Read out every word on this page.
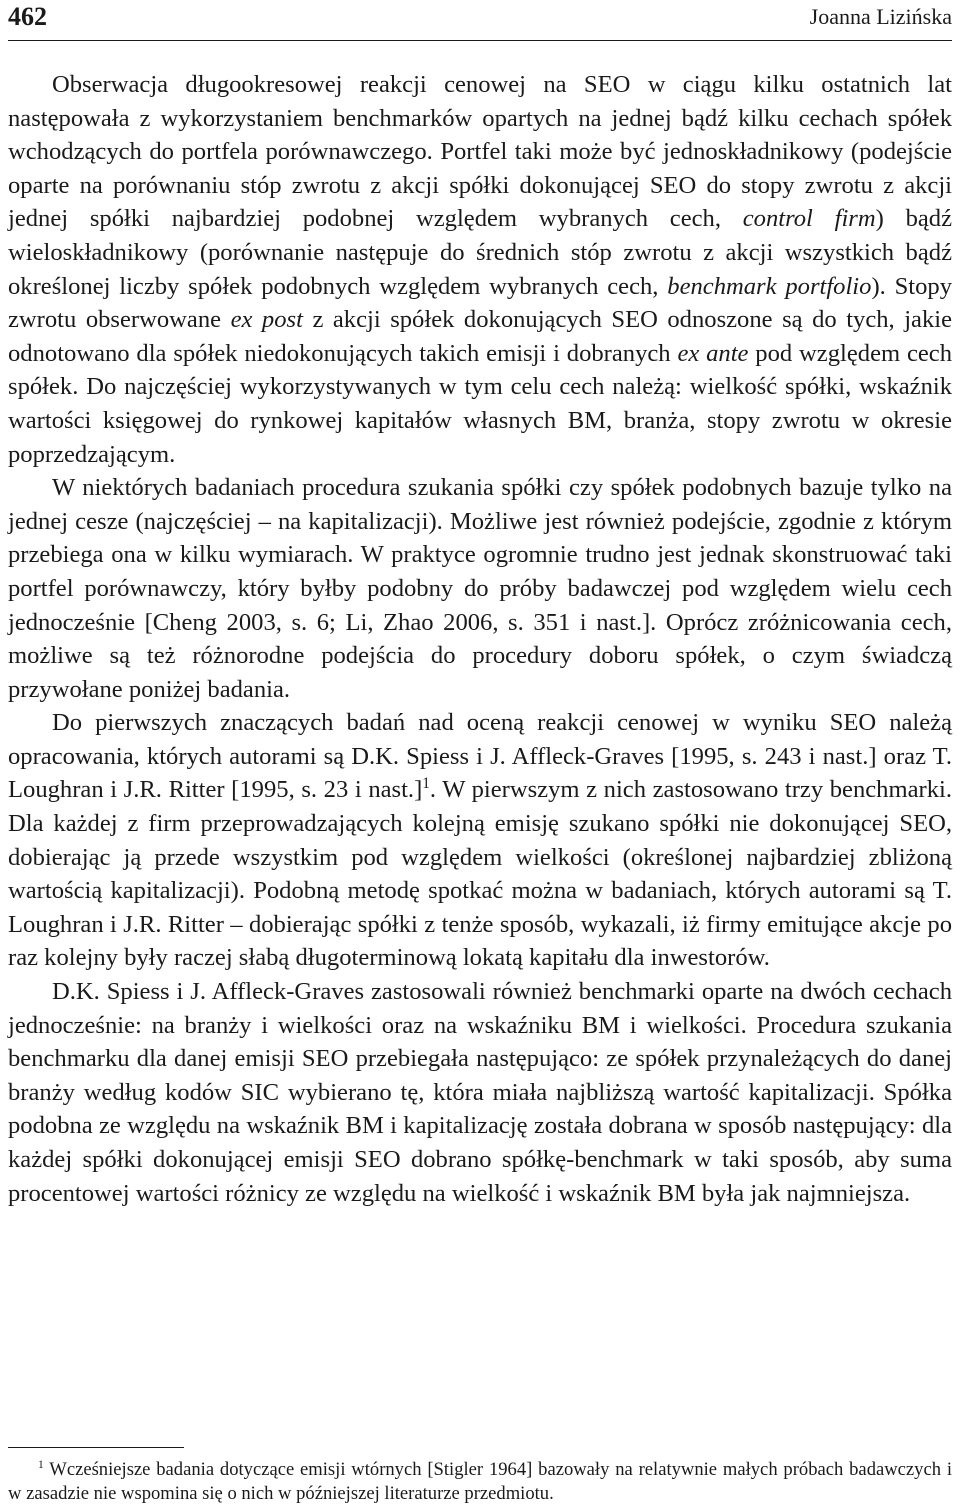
462	Joanna Lizińska

Obserwacja długookresowej reakcji cenowej na SEO w ciągu kilku ostatnich lat następowała z wykorzystaniem benchmarków opartych na jednej bądź kilku cechach spółek wchodzących do portfela porównawczego. Portfel taki może być jednoskładnikowy (podejście oparte na porównaniu stóp zwrotu z akcji spółki dokonującej SEO do stopy zwrotu z akcji jednej spółki najbardziej podobnej względem wybranych cech, control firm) bądź wieloskładnikowy (porównanie następuje do średnich stóp zwrotu z akcji wszystkich bądź określonej liczby spółek podobnych względem wybranych cech, benchmark portfolio). Stopy zwrotu obserwowane ex post z akcji spółek dokonujących SEO odnoszone są do tych, jakie odnotowano dla spółek niedokonujących takich emisji i dobranych ex ante pod względem cech spółek. Do najczęściej wykorzystywanych w tym celu cech należą: wielkość spółki, wskaźnik wartości księgowej do rynkowej kapitałów własnych BM, branża, stopy zwrotu w okresie poprzedzającym.

W niektórych badaniach procedura szukania spółki czy spółek podobnych bazuje tylko na jednej cesze (najczęściej – na kapitalizacji). Możliwe jest również podejście, zgodnie z którym przebiega ona w kilku wymiarach. W praktyce ogromnie trudno jest jednak skonstruować taki portfel porównawczy, który byłby podobny do próby badawczej pod względem wielu cech jednocześnie [Cheng 2003, s. 6; Li, Zhao 2006, s. 351 i nast.]. Oprócz zróżnicowania cech, możliwe są też różnorodne podejścia do procedury doboru spółek, o czym świadczą przywołane poniżej badania.

Do pierwszych znaczących badań nad oceną reakcji cenowej w wyniku SEO należą opracowania, których autorami są D.K. Spiess i J. Affleck-Graves [1995, s. 243 i nast.] oraz T. Loughran i J.R. Ritter [1995, s. 23 i nast.]$^1$. W pierwszym z nich zastosowano trzy benchmarki. Dla każdej z firm przeprowadzających kolejną emisję szukano spółki nie dokonującej SEO, dobierając ją przede wszystkim pod względem wielkości (określonej najbardziej zbliżoną wartością kapitalizacji). Podobną metodę spotkać można w badaniach, których autorami są T. Loughran i J.R. Ritter – dobierając spółki z tenże sposób, wykazali, iż firmy emitujące akcje po raz kolejny były raczej słabą długoterminową lokatą kapitału dla inwestorów.

D.K. Spiess i J. Affleck-Graves zastosowali również benchmarki oparte na dwóch cechach jednocześnie: na branży i wielkości oraz na wskaźniku BM i wielkości. Procedura szukania benchmarku dla danej emisji SEO przebiegała następująco: ze spółek przynależących do danej branży według kodów SIC wybierano tę, która miała najbliższą wartość kapitalizacji. Spółka podobna ze względu na wskaźnik BM i kapitalizację została dobrana w sposób następujący: dla każdej spółki dokonującej emisji SEO dobrano spółkę-benchmark w taki sposób, aby suma procentowej wartości różnicy ze względu na wielkość i wskaźnik BM była jak najmniejsza.

$^1$ Wcześniejsze badania dotyczące emisji wtórnych [Stigler 1964] bazowały na relatywnie małych próbach badawczych i w zasadzie nie wspomina się o nich w późniejszej literaturze przedmiotu.
